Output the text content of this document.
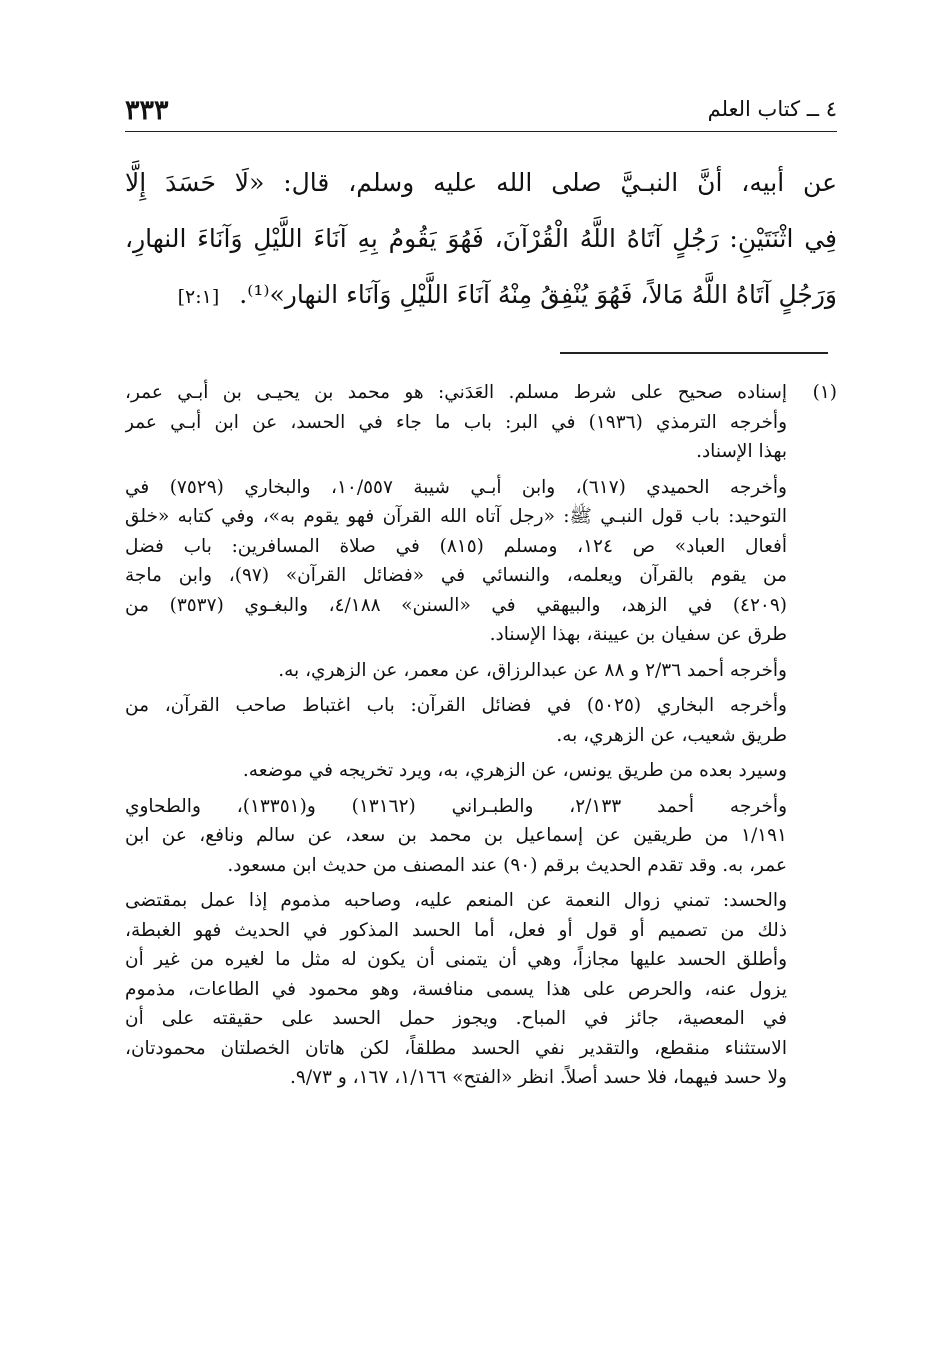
٣٣٣	٤ ــ كتاب العلم
عن أبيه، أنَّ النبـيَّ صلى الله عليه وسلم، قال: «لَا حَسَدَ إِلَّا
فِي اثْنَتَيْنِ: رَجُلٍ آتَاهُ اللَّهُ الْقُرْآنَ، فَهُوَ يَقُومُ بِهِ آنَاءَ اللَّيْلِ وَآنَاءَ النهارِ،
وَرَجُلٍ آتَاهُ اللَّهُ مَالاً، فَهُوَ يُنْفِقُ مِنْهُ آنَاءَ اللَّيْلِ وَآنَاء النهار»⁽¹⁾.[٢:١]
(١)
إسناده صحيح على شرط مسلم. العَدَني: هو محمد بن يحيـى بن أبـي عمر،
وأخرجه الترمذي (١٩٣٦) في البر: باب ما جاء في الحسد، عن ابن أبـي عمر
بهذا الإسناد.
وأخرجه الحميدي (٦١٧)، وابن أبـي شيبة ١٠/٥٥٧، والبخاري (٧٥٢٩) في
التوحيد: باب قول النبـي ﷺ: «رجل آتاه الله القرآن فهو يقوم به»، وفي كتابه «خلق
أفعال العباد» ص ١٢٤، ومسلم (٨١٥) في صلاة المسافرين: باب فضل
من يقوم بالقرآن ويعلمه، والنسائي في «فضائل القرآن» (٩٧)، وابن ماجة
(٤٢٠٩) في الزهد، والبيهقي في «السنن» ٤/١٨٨، والبغـوي (٣٥٣٧) من
طرق عن سفيان بن عيينة، بهذا الإسناد.
وأخرجه أحمد ٢/٣٦ و ٨٨ عن عبدالرزاق، عن معمر، عن الزهري، به.
وأخرجه البخاري (٥٠٢٥) في فضائل القرآن: باب اغتباط صاحب القرآن، من
طريق شعيب، عن الزهري، به.
وسيرد بعده من طريق يونس، عن الزهري، به، ويرد تخريجه في موضعه.
وأخرجه أحمد ٢/١٣٣، والطبـراني (١٣١٦٢) و(١٣٣٥١)، والطحاوي
١/١٩١ من طريقين عن إسماعيل بن محمد بن سعد، عن سالم ونافع، عن ابن
عمر، به. وقد تقدم الحديث برقم (٩٠) عند المصنف من حديث ابن مسعود.
والحسد: تمني زوال النعمة عن المنعم عليه، وصاحبه مذموم إذا عمل بمقتضى
ذلك من تصميم أو قول أو فعل، أما الحسد المذكور في الحديث فهو الغبطة،
وأطلق الحسد عليها مجازاً، وهي أن يتمنى أن يكون له مثل ما لغيره من غير أن
يزول عنه، والحرص على هذا يسمى منافسة، وهو محمود في الطاعات، مذموم
في المعصية، جائز في المباح. ويجوز حمل الحسد على حقيقته على أن
الاستثناء منقطع، والتقدير نفي الحسد مطلقاً، لكن هاتان الخصلتان محمودتان،
ولا حسد فيهما، فلا حسد أصلاً. انظر «الفتح» ١/١٦٦، ١٦٧، و ٩/٧٣.
